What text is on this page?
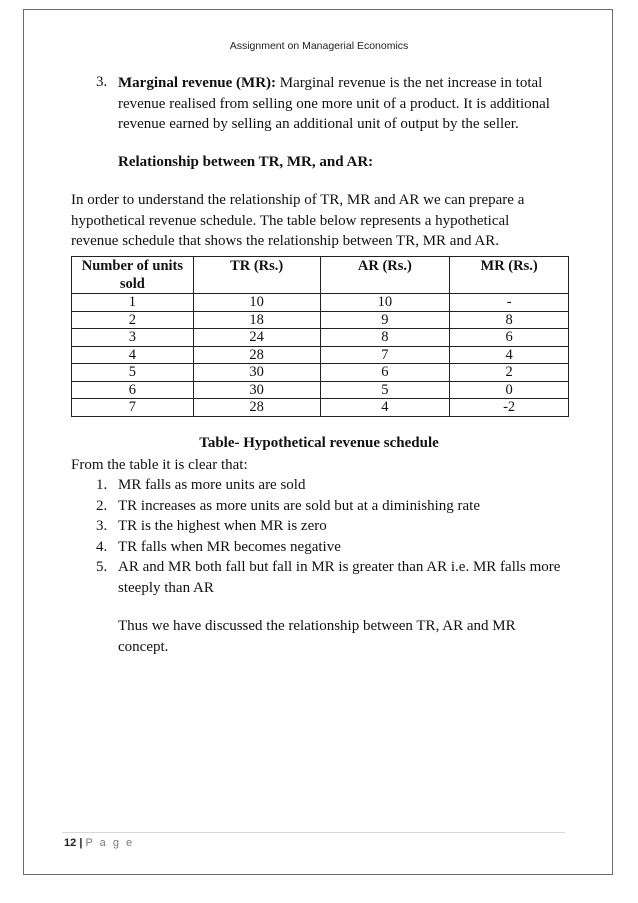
Assignment on Managerial Economics
3. Marginal revenue (MR): Marginal revenue is the net increase in total
revenue realised from selling one more unit of a product. It is additional
revenue earned by selling an additional unit of output by the seller.
Relationship between TR, MR, and AR:
In order to understand the relationship of TR, MR and AR we can prepare a
hypothetical revenue schedule. The table below represents a hypothetical
revenue schedule that shows the relationship between TR, MR and AR.
Number of units sold	TR (Rs.)	AR (Rs.)	MR (Rs.)
1	10	10	-
2	18	9	8
3	24	8	6
4	28	7	4
5	30	6	2
6	30	5	0
7	28	4	-2
Table- Hypothetical revenue schedule
From the table it is clear that:
1. MR falls as more units are sold
2. TR increases as more units are sold but at a diminishing rate
3. TR is the highest when MR is zero
4. TR falls when MR becomes negative
5. AR and MR both fall but fall in MR is greater than AR i.e. MR falls more
steeply than AR
Thus we have discussed the relationship between TR, AR and MR
concept.
12 | P a g e
